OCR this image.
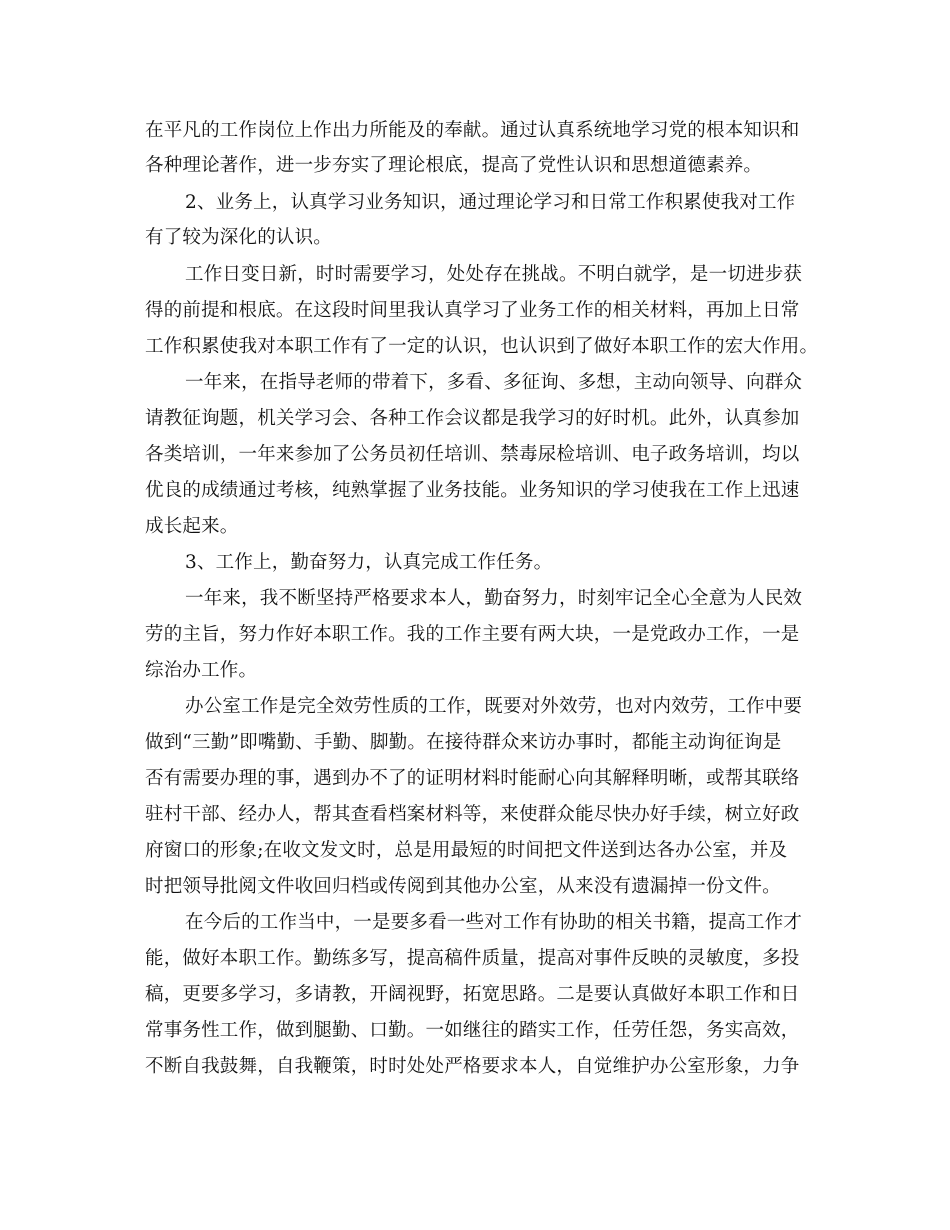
在平凡的工作岗位上作出力所能及的奉献。通过认真系统地学习党的根本知识和
各种理论著作，进一步夯实了理论根底，提高了党性认识和思想道德素养。
2、业务上，认真学习业务知识，通过理论学习和日常工作积累使我对工作
有了较为深化的认识。
工作日变日新，时时需要学习，处处存在挑战。不明白就学，是一切进步获
得的前提和根底。在这段时间里我认真学习了业务工作的相关材料，再加上日常
工作积累使我对本职工作有了一定的认识，也认识到了做好本职工作的宏大作用。
一年来，在指导老师的带着下，多看、多征询、多想，主动向领导、向群众
请教征询题，机关学习会、各种工作会议都是我学习的好时机。此外，认真参加
各类培训，一年来参加了公务员初任培训、禁毒尿检培训、电子政务培训，均以
优良的成绩通过考核，纯熟掌握了业务技能。业务知识的学习使我在工作上迅速
成长起来。
3、工作上，勤奋努力，认真完成工作任务。
一年来，我不断坚持严格要求本人，勤奋努力，时刻牢记全心全意为人民效
劳的主旨，努力作好本职工作。我的工作主要有两大块，一是党政办工作，一是
综治办工作。
办公室工作是完全效劳性质的工作，既要对外效劳，也对内效劳，工作中要
做到“三勤”即嘴勤、手勤、脚勤。在接待群众来访办事时，都能主动询征询是
否有需要办理的事，遇到办不了的证明材料时能耐心向其解释明晰，或帮其联络
驻村干部、经办人，帮其查看档案材料等，来使群众能尽快办好手续，树立好政
府窗口的形象;在收文发文时，总是用最短的时间把文件送到达各办公室，并及
时把领导批阅文件收回归档或传阅到其他办公室，从来没有遗漏掉一份文件。
在今后的工作当中，一是要多看一些对工作有协助的相关书籍，提高工作才
能，做好本职工作。勤练多写，提高稿件质量，提高对事件反映的灵敏度，多投
稿，更要多学习，多请教，开阔视野，拓宽思路。二是要认真做好本职工作和日
常事务性工作，做到腿勤、口勤。一如继往的踏实工作，任劳任怨，务实高效，
不断自我鼓舞，自我鞭策，时时处处严格要求本人，自觉维护办公室形象，力争
